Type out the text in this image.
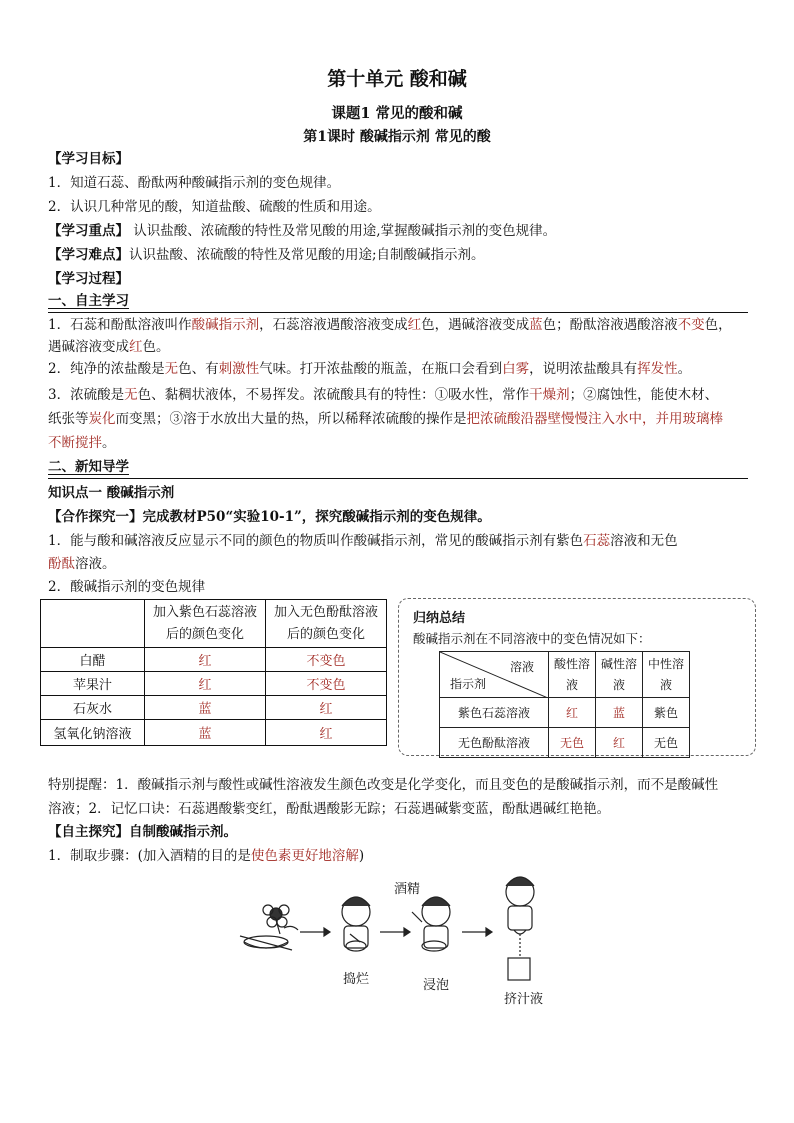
第十单元 酸和碱
课题1 常见的酸和碱
第1课时 酸碱指示剂 常见的酸
【学习目标】
1．知道石蕊、酚酞两种酸碱指示剂的变色规律。
2．认识几种常见的酸，知道盐酸、硫酸的性质和用途。
【学习重点】 认识盐酸、浓硫酸的特性及常见酸的用途,掌握酸碱指示剂的变色规律。
【学习难点】认识盐酸、浓硫酸的特性及常见酸的用途;自制酸碱指示剂。
【学习过程】
一、自主学习
1．石蕊和酚酞溶液叫作酸碱指示剂，石蕊溶液遇酸溶液变成红色，遇碱溶液变成蓝色；酚酞溶液遇酸溶液不变色，
遇碱溶液变成红色。
2．纯净的浓盐酸是无色、有刺激性气味。打开浓盐酸的瓶盖，在瓶口会看到白雾，说明浓盐酸具有挥发性。
3．浓硫酸是无色、黏稠状液体，不易挥发。浓硫酸具有的特性：①吸水性，常作干燥剂；②腐蚀性，能使木材、
纸张等炭化而变黑；③溶于水放出大量的热，所以稀释浓硫酸的操作是把浓硫酸沿器壁慢慢注入水中，并用玻璃棒
不断搅拌。
二、新知导学
知识点一 酸碱指示剂
【合作探究一】完成教材P50“实验10-1”，探究酸碱指示剂的变色规律。
1．能与酸和碱溶液反应显示不同的颜色的物质叫作酸碱指示剂，常见的酸碱指示剂有紫色石蕊溶液和无色
酚酞溶液。
2．酸碱指示剂的变色规律
	加入紫色石蕊溶液后的颜色变化	加入无色酚酞溶液后的颜色变化
白醋	红	不变色
苹果汁	红	不变色
石灰水	蓝	红
氢氧化钠溶液	蓝	红
归纳总结
酸碱指示剂在不同溶液中的变色情况如下：
溶液
指示剂	酸性溶液	碱性溶液	中性溶液
紫色石蕊溶液	红	蓝	紫色
无色酚酞溶液	无色	红	无色
特别提醒：1．酸碱指示剂与酸性或碱性溶液发生颜色改变是化学变化，而且变色的是酸碱指示剂，而不是酸碱性
溶液；2．记忆口诀：石蕊遇酸紫变红，酚酞遇酸影无踪；石蕊遇碱紫变蓝，酚酞遇碱红艳艳。
【自主探究】自制酸碱指示剂。
1．制取步骤：(加入酒精的目的是使色素更好地溶解)
酒精
捣烂	浸泡
挤汁液
